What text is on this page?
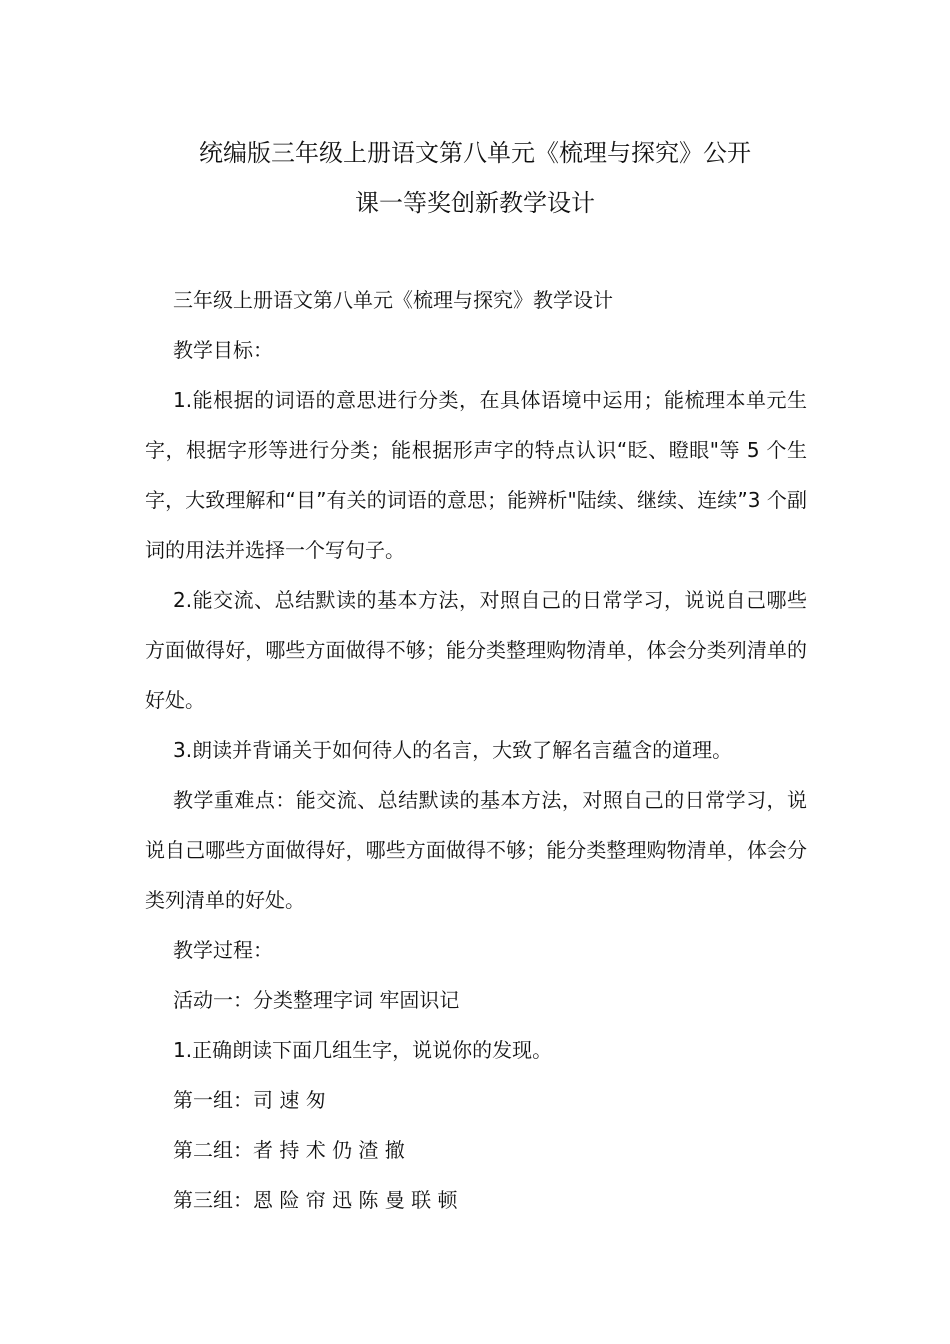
统编版三年级上册语文第八单元《梳理与探究》公开
课一等奖创新教学设计

三年级上册语文第八单元《梳理与探究》教学设计

教学目标：

1.能根据的词语的意思进行分类，在具体语境中运用；能梳理本单元生字，根据字形等进行分类；能根据形声字的特点认识“眨、瞪眼"等 5 个生字，大致理解和“目”有关的词语的意思；能辨析"陆续、继续、连续”3 个副词的用法并选择一个写句子。

2.能交流、总结默读的基本方法，对照自己的日常学习，说说自己哪些方面做得好，哪些方面做得不够；能分类整理购物清单，体会分类列清单的好处。

3.朗读并背诵关于如何待人的名言，大致了解名言蕴含的道理。

教学重难点：能交流、总结默读的基本方法，对照自己的日常学习，说说自己哪些方面做得好，哪些方面做得不够；能分类整理购物清单，体会分类列清单的好处。

教学过程：

活动一：分类整理字词 牢固识记

1.正确朗读下面几组生字，说说你的发现。

第一组：司 速 匆

第二组：者 持 术 仍 渣 撤

第三组：恩 险 帘 迅 陈 曼 联 顿
